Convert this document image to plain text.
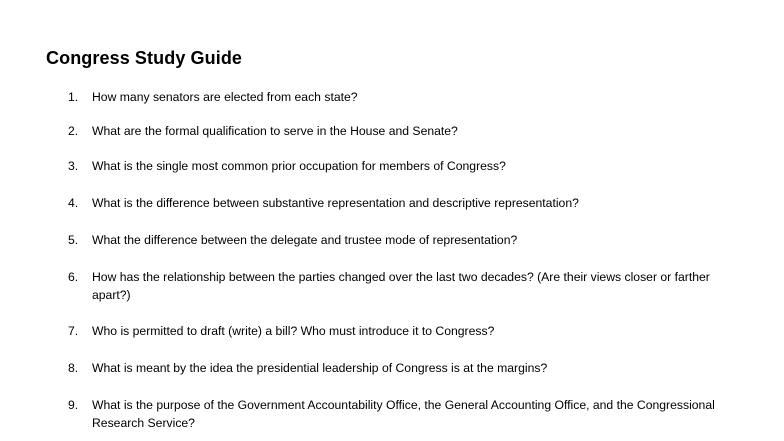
Congress Study Guide
1.	How many senators are elected from each state?
2.	What are the formal qualification to serve in the House and Senate?
3.	What is the single most common prior occupation for members of Congress?
4.	What is the difference between substantive representation and descriptive representation?
5.	What the difference between the delegate and trustee mode of representation?
6.	How has the relationship between the parties changed over the last two decades? (Are their views closer or farther apart?)
7.	Who is permitted to draft (write) a bill? Who must introduce it to Congress?
8.	What is meant by the idea the presidential leadership of Congress is at the margins?
9.	What is the purpose of the Government Accountability Office, the General Accounting Office, and the Congressional Research Service?
